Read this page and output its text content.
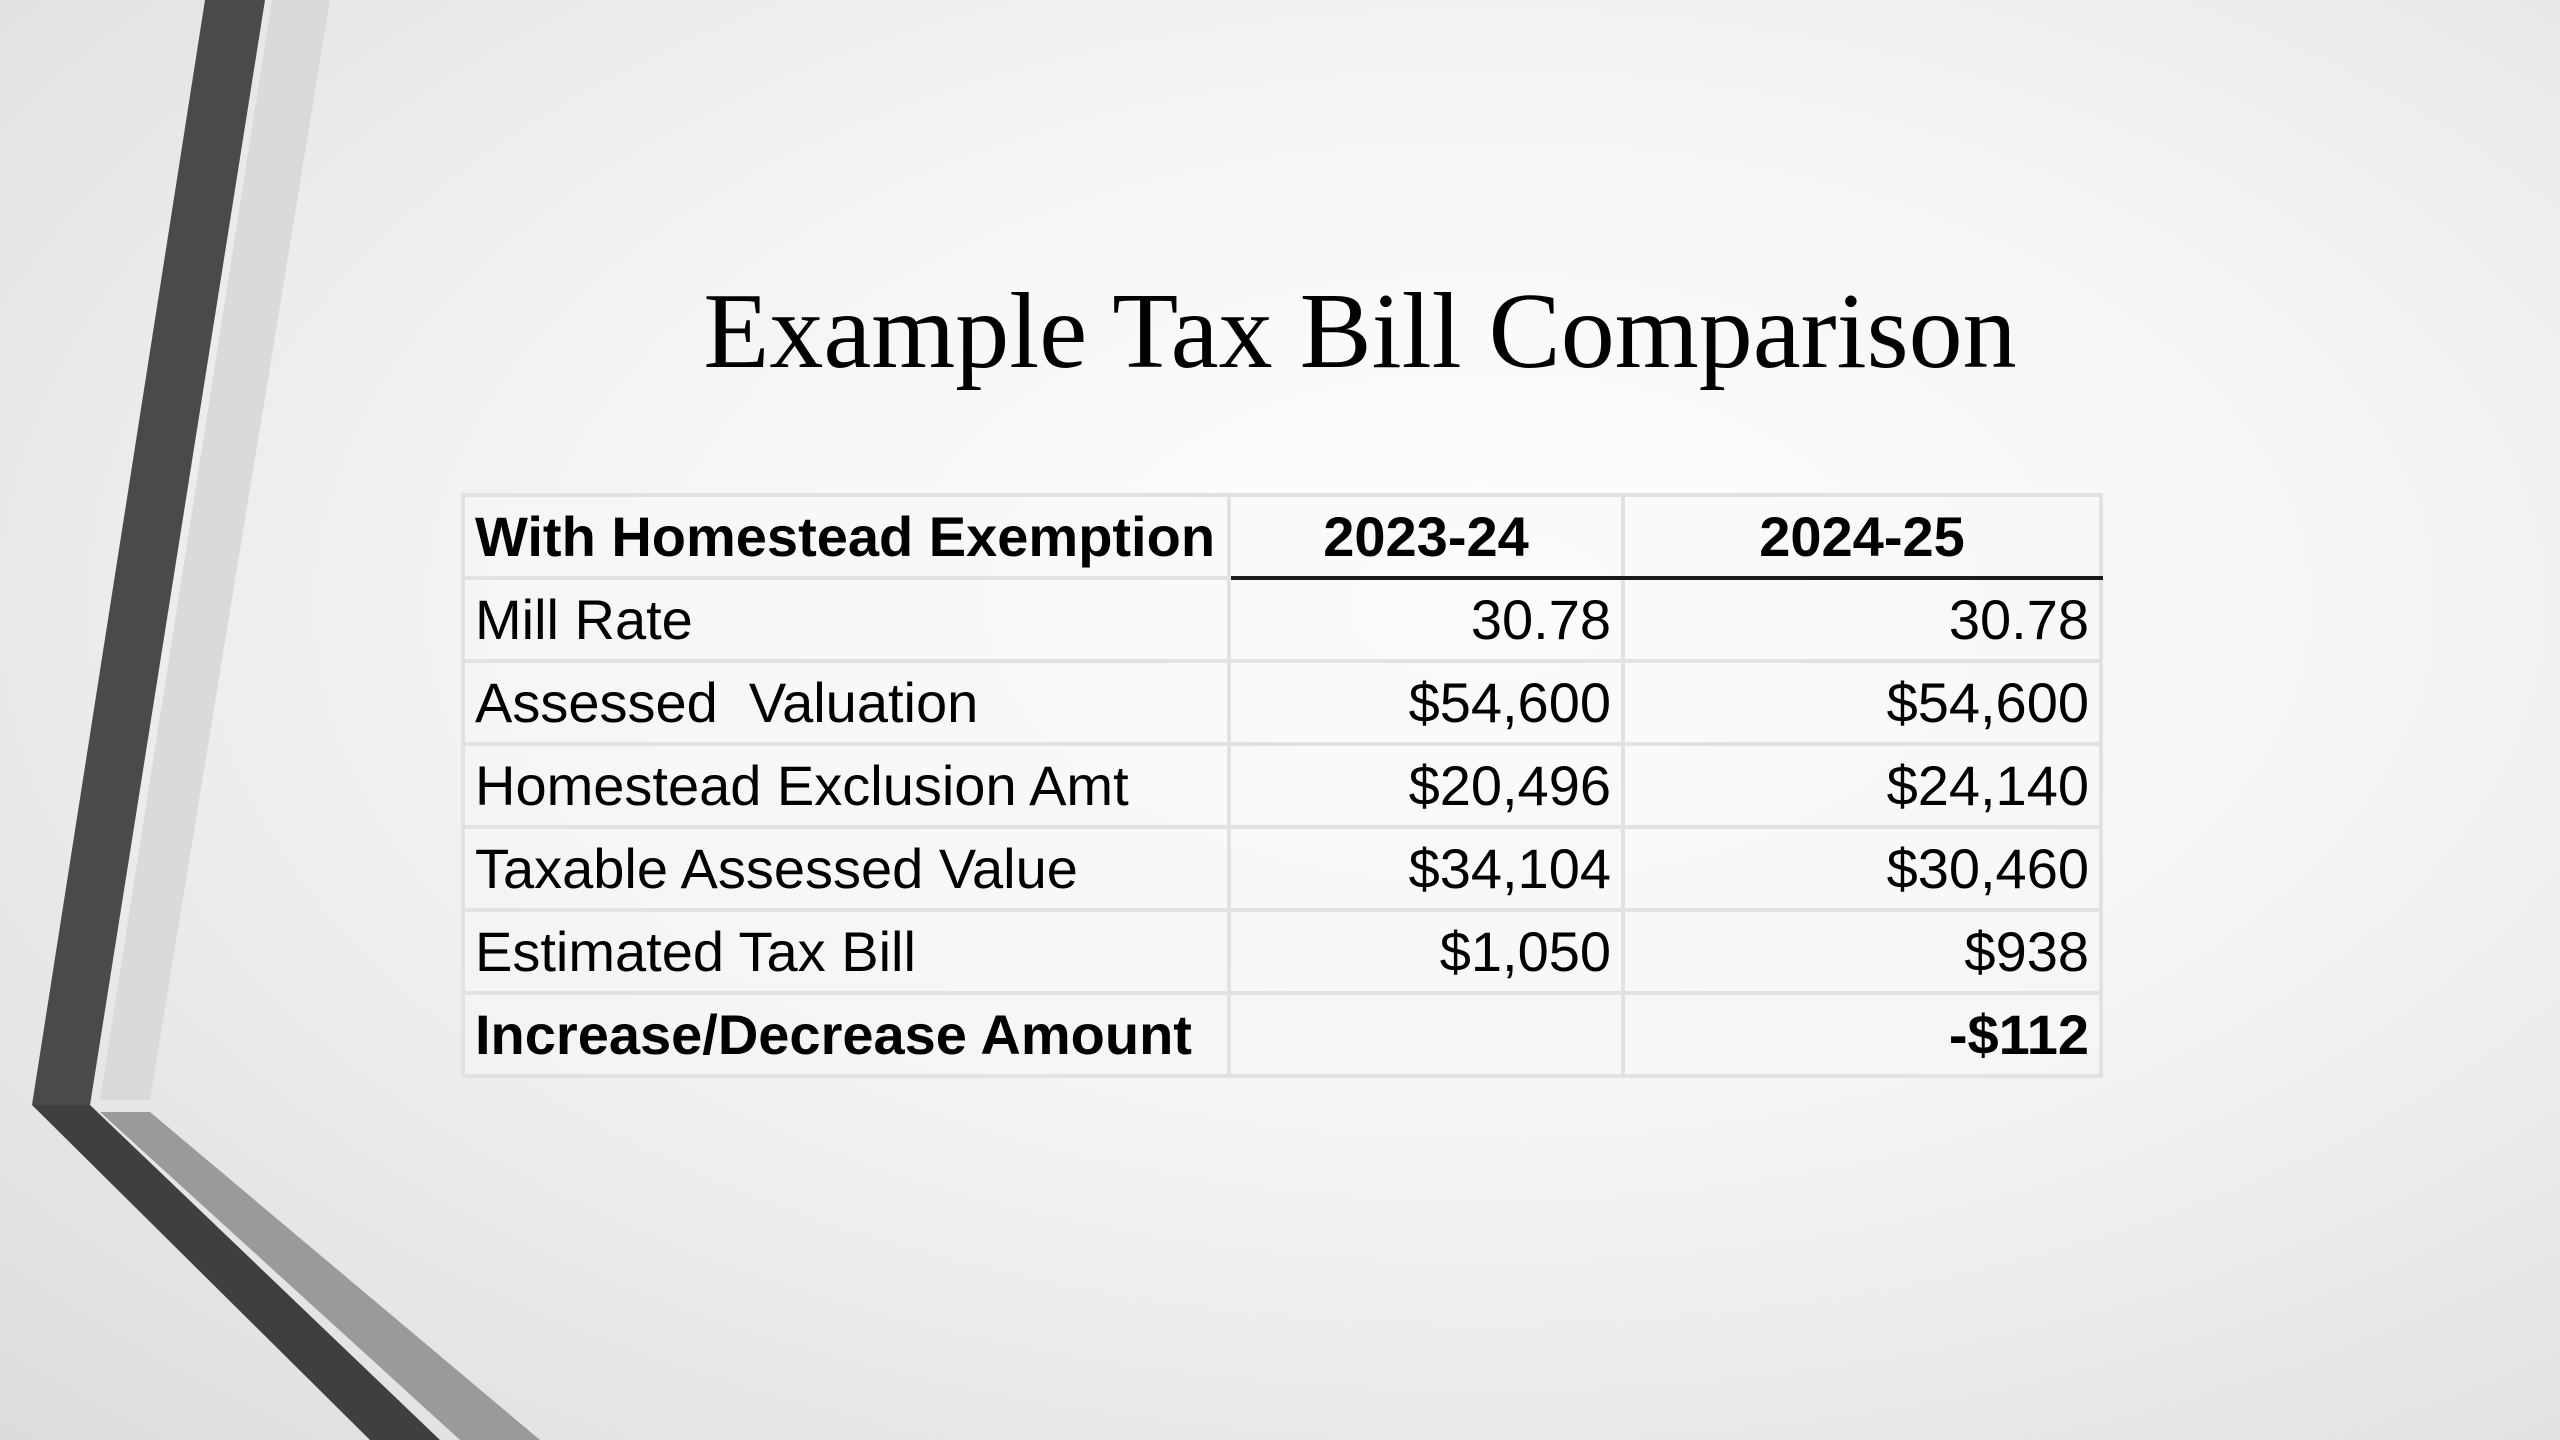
Example Tax Bill Comparison
With Homestead Exemption	2023-24	2024-25
Mill Rate	30.78	30.78
Assessed  Valuation	$54,600	$54,600
Homestead Exclusion Amt	$20,496	$24,140
Taxable Assessed Value	$34,104	$30,460
Estimated Tax Bill	$1,050	$938
Increase/Decrease Amount		-$112
